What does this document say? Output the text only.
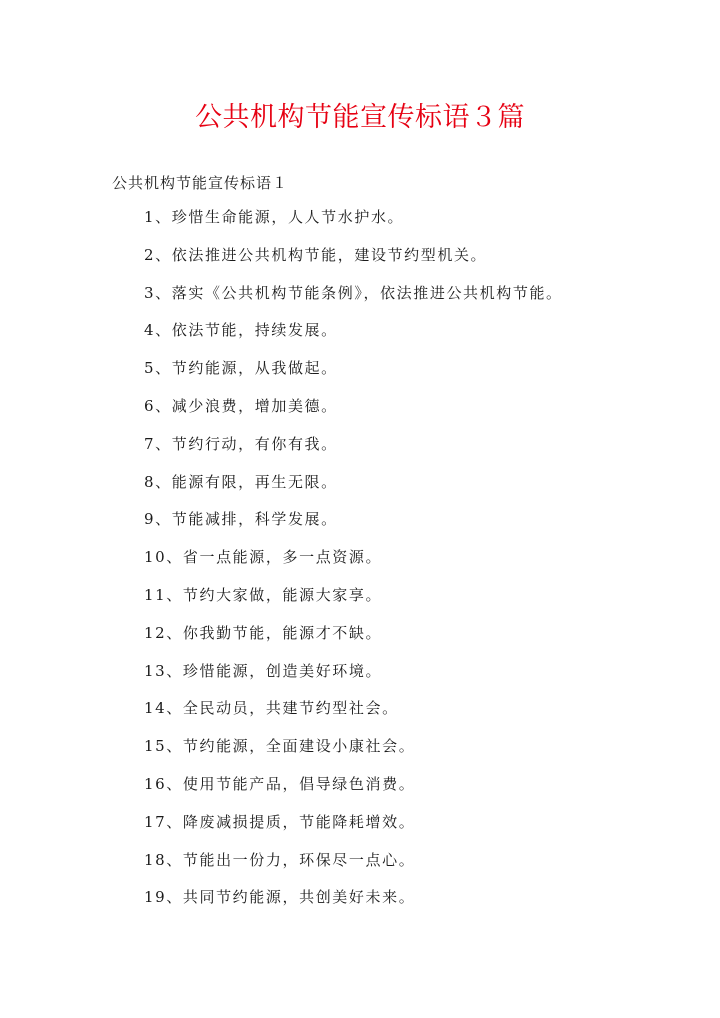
公共机构节能宣传标语３篇
公共机构节能宣传标语１
1、珍惜生命能源，人人节水护水。
2、依法推进公共机构节能，建设节约型机关。
3、落实《公共机构节能条例》，依法推进公共机构节能。
4、依法节能，持续发展。
5、节约能源，从我做起。
6、减少浪费，增加美德。
7、节约行动，有你有我。
8、能源有限，再生无限。
9、节能减排，科学发展。
10、省一点能源，多一点资源。
11、节约大家做，能源大家享。
12、你我勤节能，能源才不缺。
13、珍惜能源，创造美好环境。
14、全民动员，共建节约型社会。
15、节约能源，全面建设小康社会。
16、使用节能产品，倡导绿色消费。
17、降废减损提质，节能降耗增效。
18、节能出一份力，环保尽一点心。
19、共同节约能源，共创美好未来。
